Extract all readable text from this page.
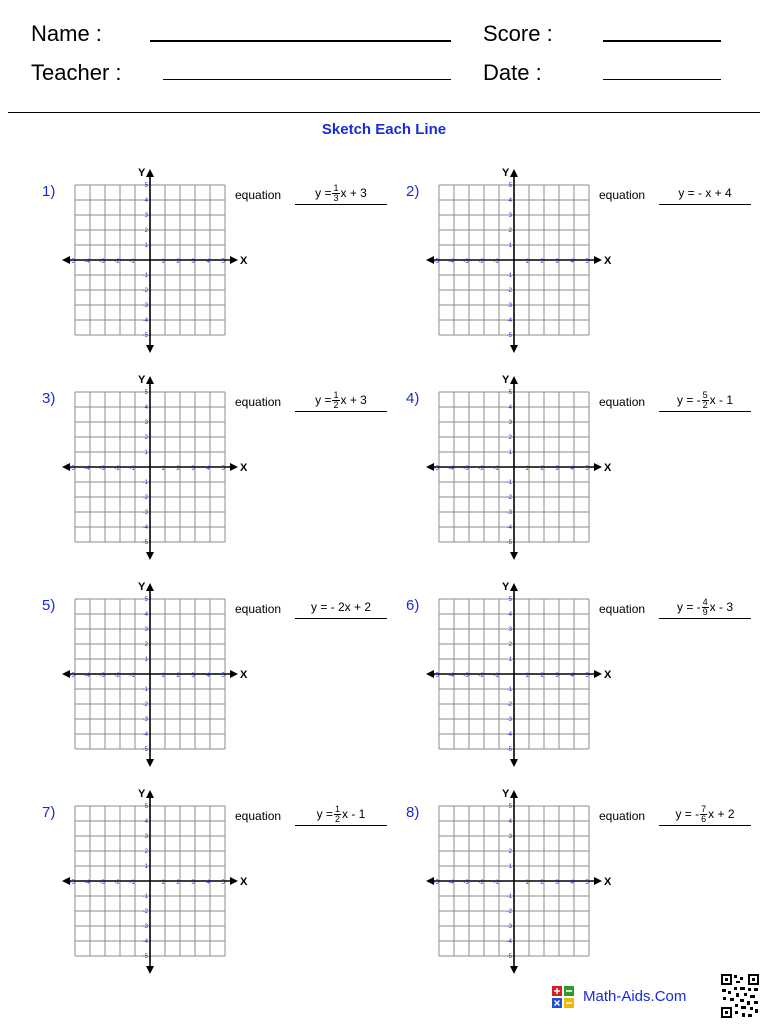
Name :
Teacher :
Score :
Date :
Sketch Each Line
1)
X
Y
-5 -4 -3 -2 -1	1 2 3 4 5
5
4
3
2
1
-1
-2
-3
-4
-5
equation	$y = \frac{1}{3}$ x + 3	2)
X
Y
-5 -4 -3 -2 -1	1 2 3 4 5
5
4
3
2
1
-1
-2
-3
-4
-5
equation	y = - x + 4
3)
X
Y
-5 -4 -3 -2 -1	1 2 3 4 5
5
4
3
2
1
-1
-2
-3
-4
-5
equation	$y = \frac{1}{2}$ x + 3	4)
X
Y
-5 -4 -3 -2 -1	1 2 3 4 5
5
4
3
2
1
-1
-2
-3
-4
-5
equation	y = - $\frac{5}{2}$ x - 1
5)
X
Y
-5 -4 -3 -2 -1	1 2 3 4 5
5
4
3
2
1
-1
-2
-3
-4
-5
equation y = - 2x + 2 6)
X
Y
-5 -4 -3 -2 -1	1 2 3 4 5
5
4
3
2
1
-1
-2
-3
-4
-5
equation	y = - $\frac{4}{9}$ x - 3
7)
X
Y
-5 -4 -3 -2 -1	1 2 3 4 5
5
4
3
2
1
-1
-2
-3
-4
-5
equation	$y = \frac{1}{2}$ x - 1	8)
X
Y
-5 -4 -3 -2 -1	1 2 3 4 5
5
4
3
2
1
-1
-2
-3
-4
-5
equation	y = - $\frac{7}{6}$ x + 2
Math-Aids.Com
